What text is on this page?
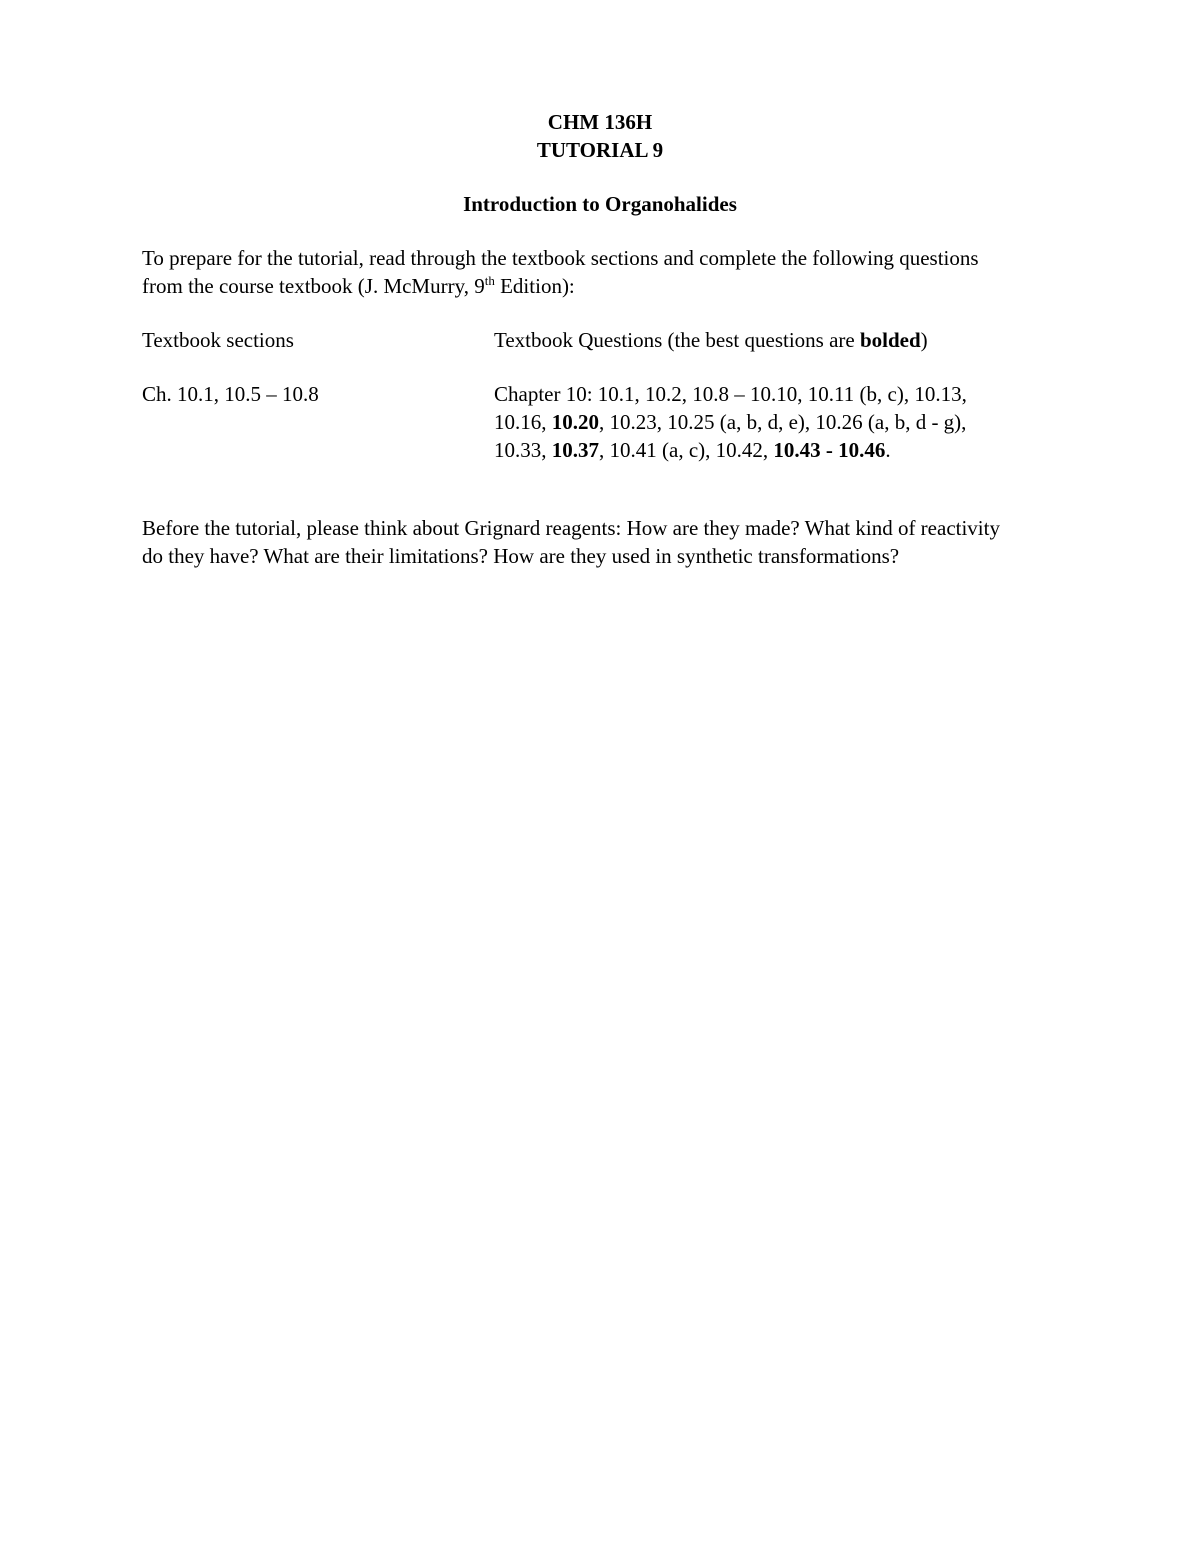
CHM 136H
TUTORIAL 9
Introduction to Organohalides
To prepare for the tutorial, read through the textbook sections and complete the following questions from the course textbook (J. McMurry, 9th Edition):
Textbook sections	Textbook Questions (the best questions are bolded)
Ch. 10.1, 10.5 – 10.8	Chapter 10: 10.1, 10.2, 10.8 – 10.10, 10.11 (b, c), 10.13,
10.16, 10.20, 10.23, 10.25 (a, b, d, e), 10.26 (a, b, d - g),
10.33, 10.37, 10.41 (a, c), 10.42, 10.43 - 10.46.
Before the tutorial, please think about Grignard reagents: How are they made? What kind of reactivity do they have? What are their limitations? How are they used in synthetic transformations?
